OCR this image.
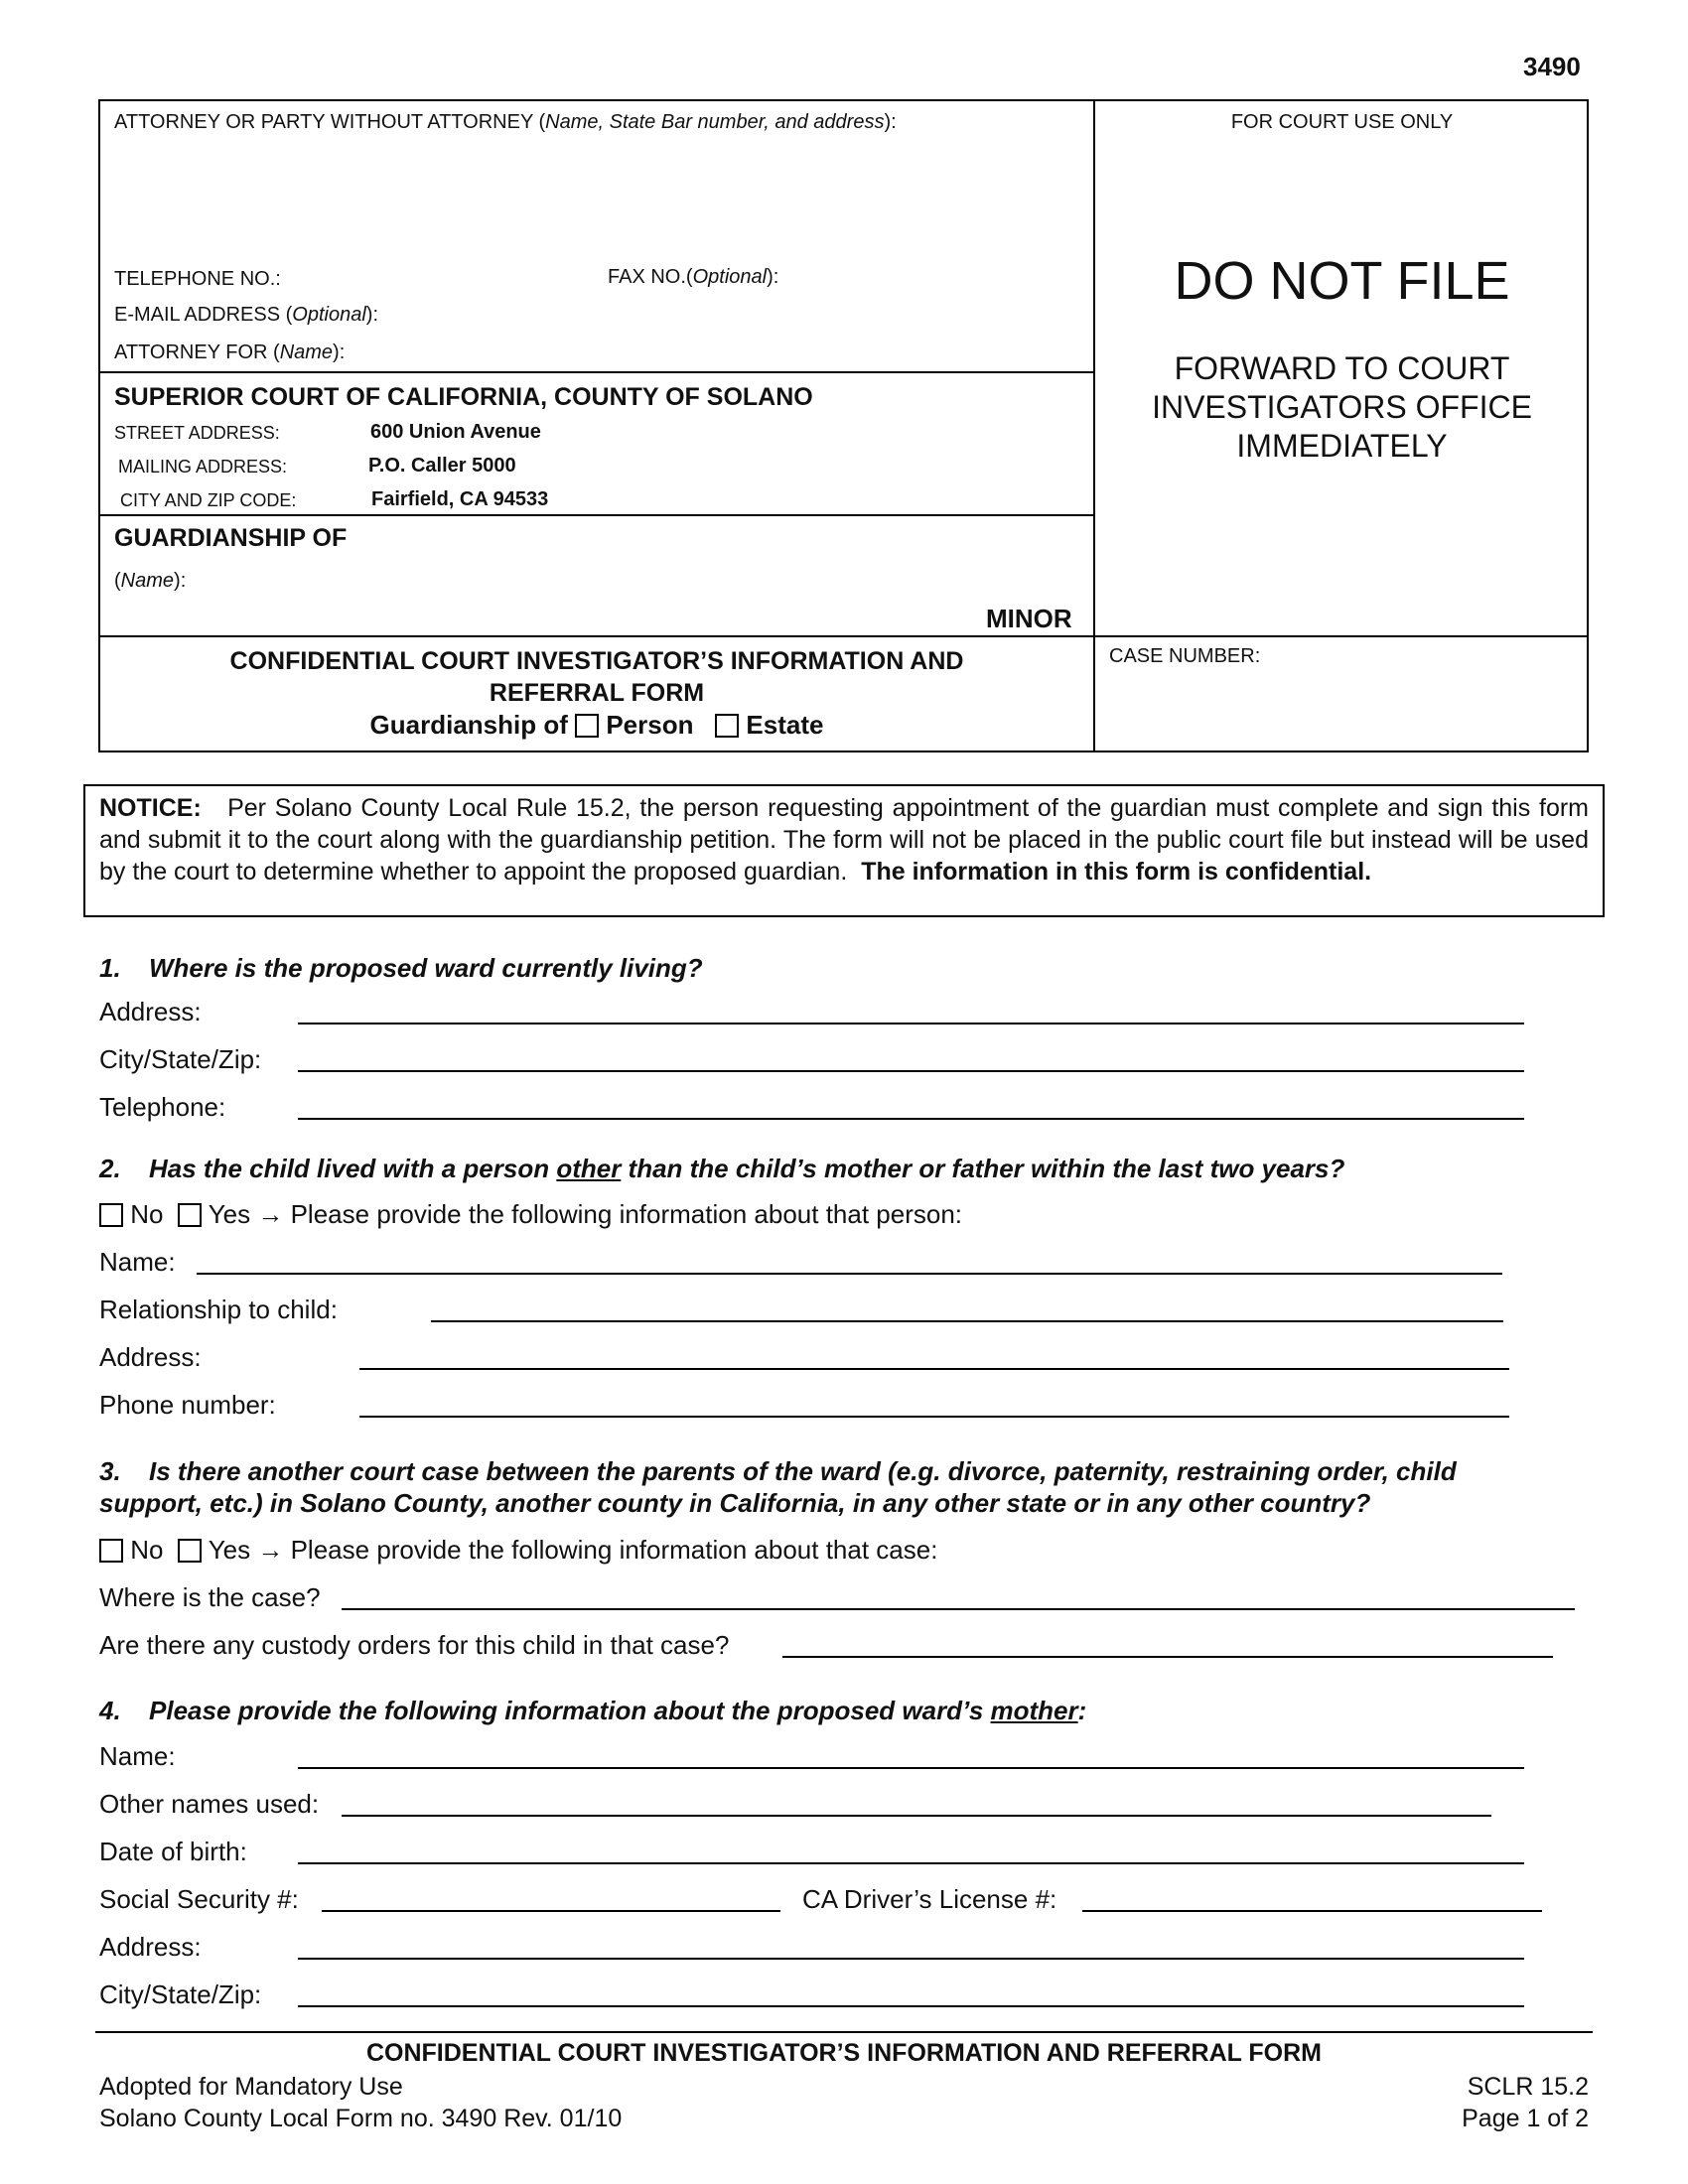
3490
ATTORNEY OR PARTY WITHOUT ATTORNEY (Name, State Bar number, and address):
TELEPHONE NO.:	FAX NO.(Optional):
E-MAIL ADDRESS (Optional):
ATTORNEY FOR (Name):
SUPERIOR COURT OF CALIFORNIA, COUNTY OF SOLANO
STREET ADDRESS:	600 Union Avenue
MAILING ADDRESS:	P.O. Caller 5000
CITY AND ZIP CODE:	Fairfield, CA 94533
GUARDIANSHIP OF
(Name):
MINOR
FOR COURT USE ONLY
DO NOT FILE
FORWARD TO COURT
INVESTIGATORS OFFICE
IMMEDIATELY
CONFIDENTIAL COURT INVESTIGATOR’S INFORMATION AND
REFERRAL FORM
Guardianship of Person Estate
CASE NUMBER:
NOTICE: Per Solano County Local Rule 15.2, the person requesting appointment of the guardian must complete and sign this form and submit it to the court along with the guardianship petition. The form will not be placed in the public court file but instead will be used by the court to determine whether to appoint the proposed guardian. The information in this form is confidential.
1. Where is the proposed ward currently living?
Address:
City/State/Zip:
Telephone:
2. Has the child lived with a person other than the child’s mother or father within the last two years?
No Yes → Please provide the following information about that person:
Name:
Relationship to child:
Address:
Phone number:
3. Is there another court case between the parents of the ward (e.g. divorce, paternity, restraining order, child
support, etc.) in Solano County, another county in California, in any other state or in any other country?
No Yes → Please provide the following information about that case:
Where is the case?
Are there any custody orders for this child in that case?
4. Please provide the following information about the proposed ward’s mother:
Name:
Other names used:
Date of birth:
Social Security #:	CA Driver’s License #:
Address:
City/State/Zip:
CONFIDENTIAL COURT INVESTIGATOR’S INFORMATION AND REFERRAL FORM
Adopted for Mandatory Use
Solano County Local Form no. 3490 Rev. 01/10
SCLR 15.2
Page 1 of 2
